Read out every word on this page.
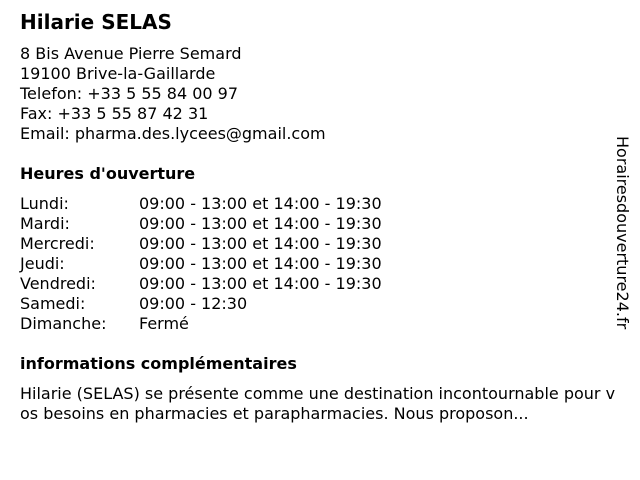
Hilarie SELAS
8 Bis Avenue Pierre Semard
19100 Brive-la-Gaillarde
Telefon: +33 5 55 84 00 97
Fax: +33 5 55 87 42 31
Email: pharma.des.lycees@gmail.com
Heures d'ouverture
Lundi:	09:00 - 13:00 et 14:00 - 19:30
Mardi:	09:00 - 13:00 et 14:00 - 19:30
Mercredi:	09:00 - 13:00 et 14:00 - 19:30
Jeudi:	09:00 - 13:00 et 14:00 - 19:30
Vendredi:	09:00 - 13:00 et 14:00 - 19:30
Samedi:	09:00 - 12:30
Dimanche:	Fermé
informations complémentaires
Hilarie (SELAS) se présente comme une destination incontournable pour vos besoins en pharmacies et parapharmacies. Nous proposon...
Horairesdouverture24.fr
